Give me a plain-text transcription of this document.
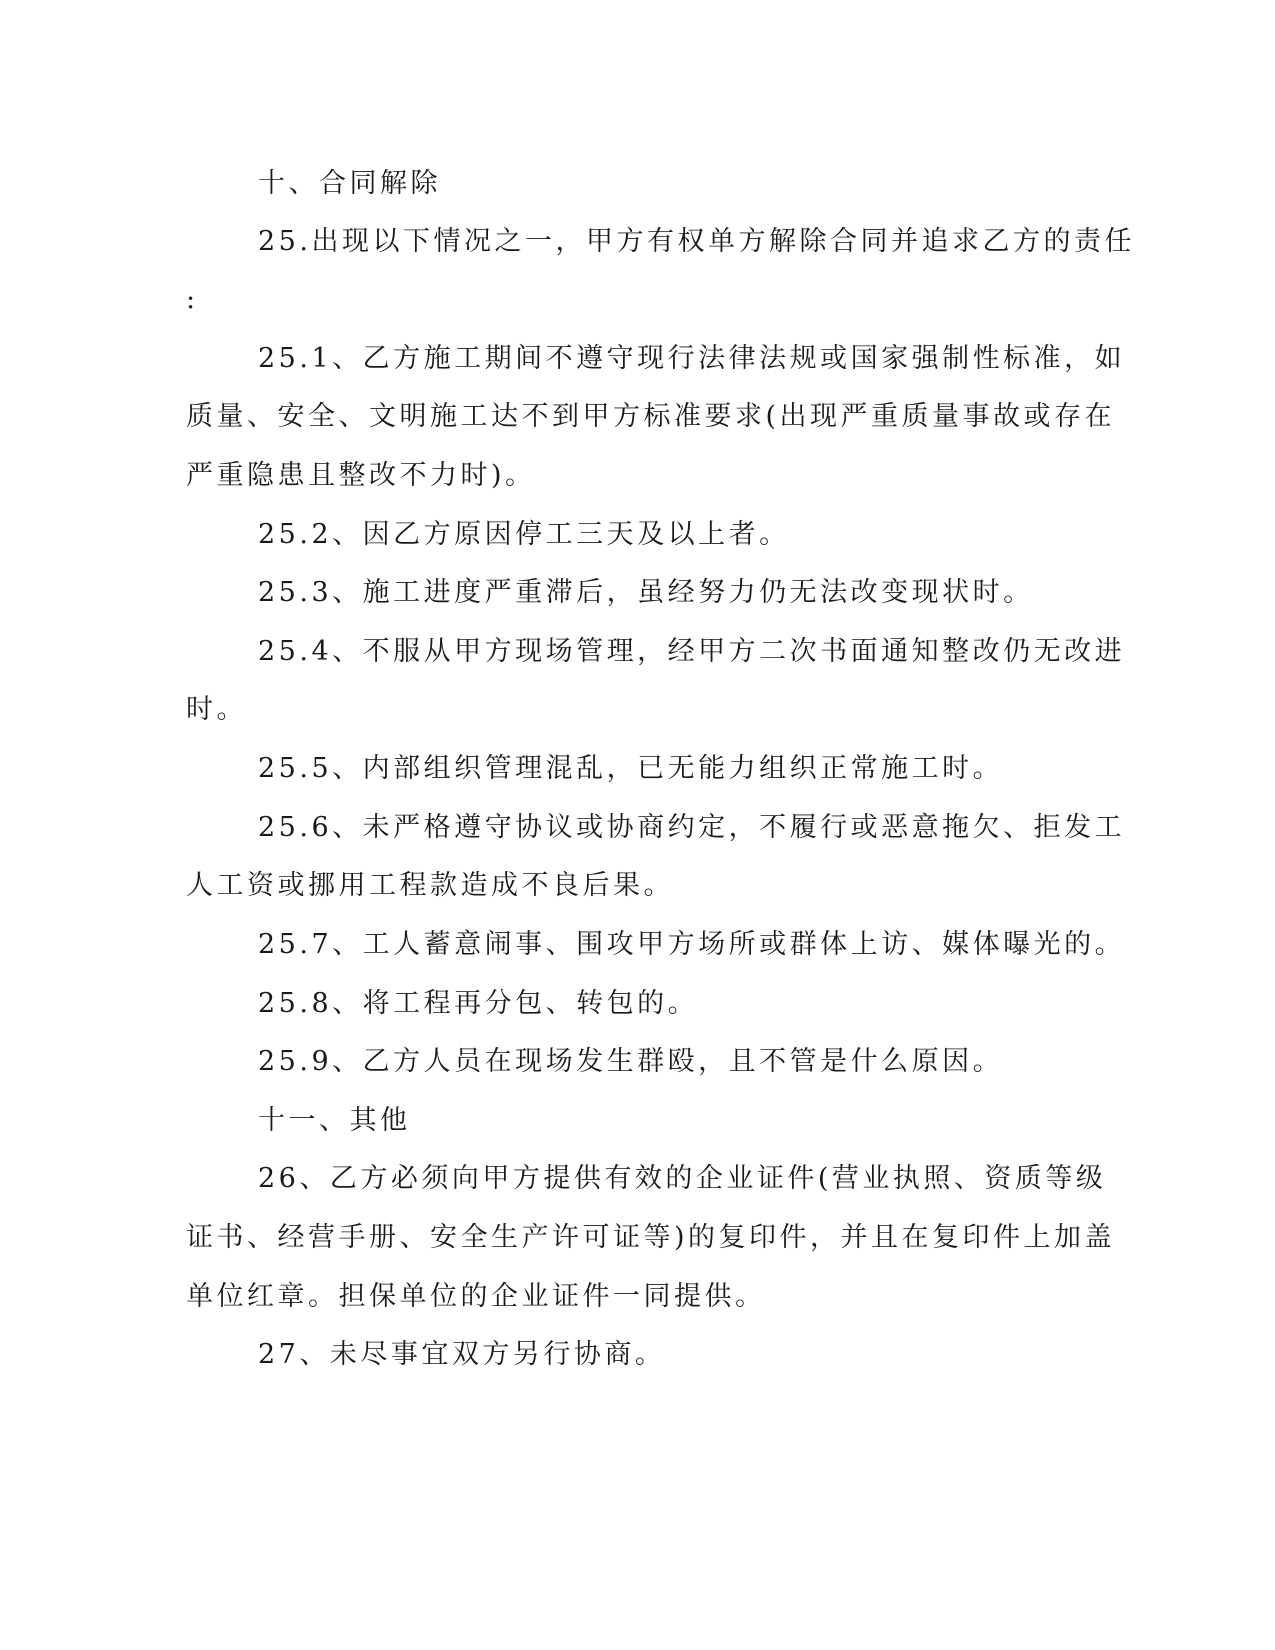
十、合同解除
25.出现以下情况之一，甲方有权单方解除合同并追求乙方的责任
:
25.1、乙方施工期间不遵守现行法律法规或国家强制性标准，如
质量、安全、文明施工达不到甲方标准要求(出现严重质量事故或存在
严重隐患且整改不力时)。
25.2、因乙方原因停工三天及以上者。
25.3、施工进度严重滞后，虽经努力仍无法改变现状时。
25.4、不服从甲方现场管理，经甲方二次书面通知整改仍无改进
时。
25.5、内部组织管理混乱，已无能力组织正常施工时。
25.6、未严格遵守协议或协商约定，不履行或恶意拖欠、拒发工
人工资或挪用工程款造成不良后果。
25.7、工人蓄意闹事、围攻甲方场所或群体上访、媒体曝光的。
25.8、将工程再分包、转包的。
25.9、乙方人员在现场发生群殴，且不管是什么原因。
十一、其他
26、乙方必须向甲方提供有效的企业证件(营业执照、资质等级
证书、经营手册、安全生产许可证等)的复印件，并且在复印件上加盖
单位红章。担保单位的企业证件一同提供。
27、未尽事宜双方另行协商。
